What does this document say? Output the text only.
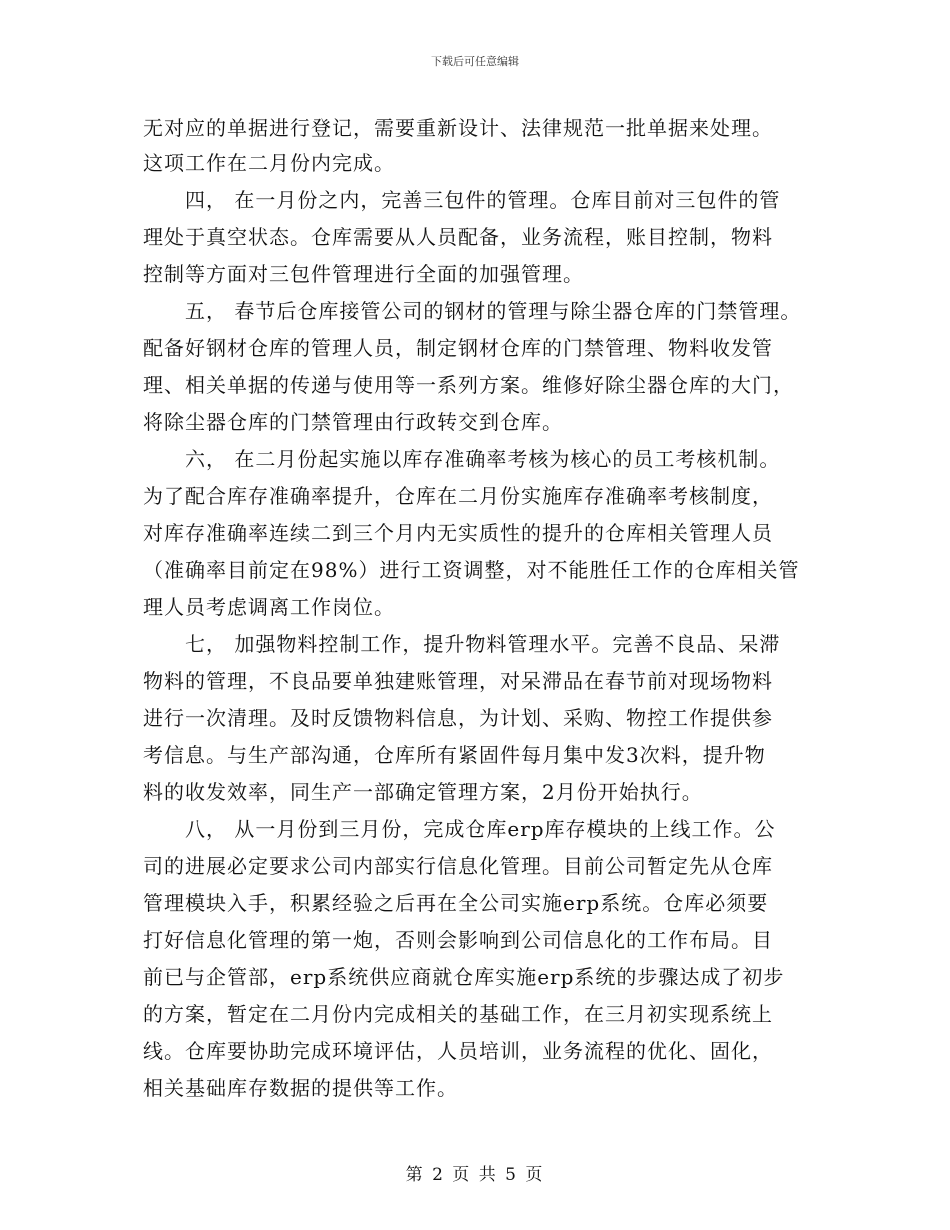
下载后可任意编辑
无对应的单据进行登记，需要重新设计、法律规范一批单据来处理。
这项工作在二月份内完成。
　　四， 在一月份之内，完善三包件的管理。仓库目前对三包件的管
理处于真空状态。仓库需要从人员配备，业务流程，账目控制，物料
控制等方面对三包件管理进行全面的加强管理。
　　五， 春节后仓库接管公司的钢材的管理与除尘器仓库的门禁管理。
配备好钢材仓库的管理人员，制定钢材仓库的门禁管理、物料收发管
理、相关单据的传递与使用等一系列方案。维修好除尘器仓库的大门，
将除尘器仓库的门禁管理由行政转交到仓库。
　　六， 在二月份起实施以库存准确率考核为核心的员工考核机制。
为了配合库存准确率提升，仓库在二月份实施库存准确率考核制度，
对库存准确率连续二到三个月内无实质性的提升的仓库相关管理人员
（准确率目前定在98%）进行工资调整，对不能胜任工作的仓库相关管
理人员考虑调离工作岗位。
　　七， 加强物料控制工作，提升物料管理水平。完善不良品、呆滞
物料的管理，不良品要单独建账管理，对呆滞品在春节前对现场物料
进行一次清理。及时反馈物料信息，为计划、采购、物控工作提供参
考信息。与生产部沟通，仓库所有紧固件每月集中发3次料，提升物
料的收发效率，同生产一部确定管理方案，2月份开始执行。
　　八， 从一月份到三月份，完成仓库erp库存模块的上线工作。公
司的进展必定要求公司内部实行信息化管理。目前公司暂定先从仓库
管理模块入手，积累经验之后再在全公司实施erp系统。仓库必须要
打好信息化管理的第一炮，否则会影响到公司信息化的工作布局。目
前已与企管部，erp系统供应商就仓库实施erp系统的步骤达成了初步
的方案，暂定在二月份内完成相关的基础工作，在三月初实现系统上
线。仓库要协助完成环境评估，人员培训，业务流程的优化、固化，
相关基础库存数据的提供等工作。
第 2 页 共 5 页
